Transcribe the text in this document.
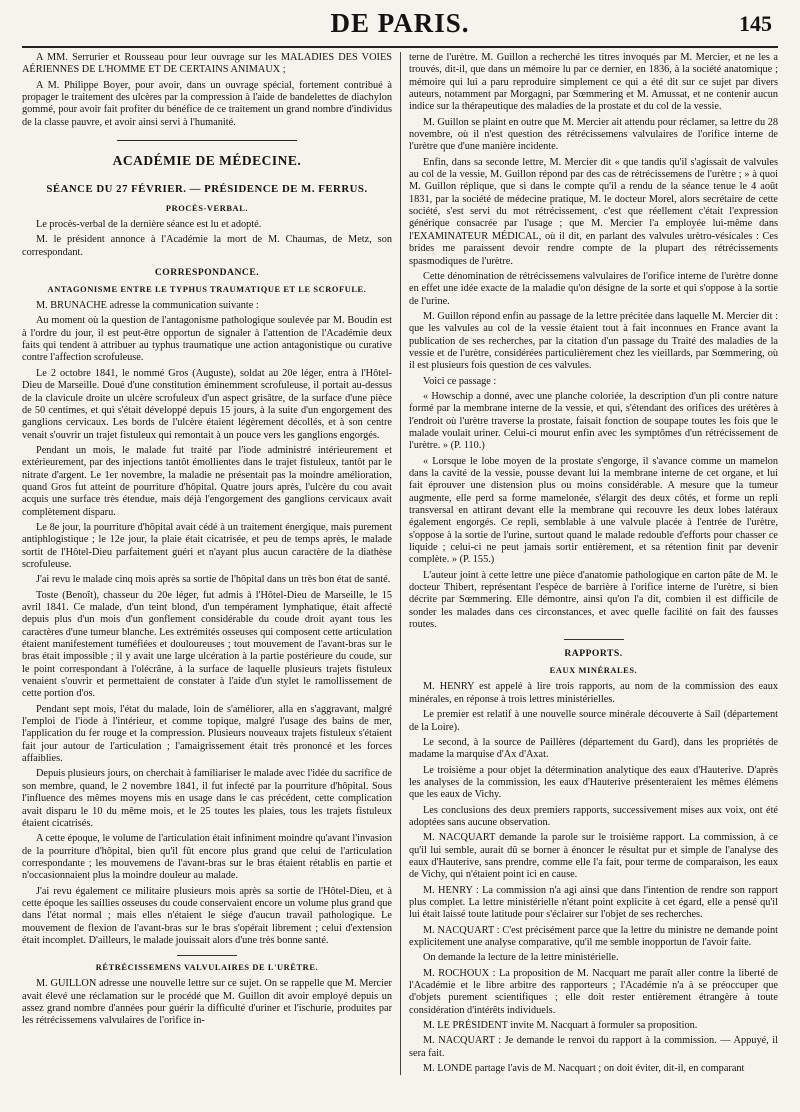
DE PARIS.	145

A MM. Serrurier et Rousseau pour leur ouvrage sur les MALADIES DES VOIES AÉRIENNES DE L'HOMME ET DE CERTAINS ANIMAUX ;

A M. Philippe Boyer, pour avoir, dans un ouvrage spécial, fortement contribué à propager le traitement des ulcères par la compression à l'aide de bandelettes de diachylon gommé, pour avoir fait profiter du bénéfice de ce traitement un grand nombre d'individus de la classe pauvre, et avoir ainsi servi à l'humanité.

ACADÉMIE DE MÉDECINE.
SÉANCE DU 27 FÉVRIER. — PRÉSIDENCE DE M. FERRUS.
PROCÈS-VERBAL.

Le procès-verbal de la dernière séance est lu et adopté.

M. le président annonce à l'Académie la mort de M. Chaumas, de Metz, son correspondant.

CORRESPONDANCE.
ANTAGONISME ENTRE LE TYPHUS TRAUMATIQUE ET LE SCROFULE.

M. BRUNACHE adresse la communication suivante :

Au moment où la question de l'antagonisme pathologique soulevée par M. Boudin est à l'ordre du jour, il est peut-être opportun de signaler à l'attention de l'Académie deux faits qui tendent à attribuer au typhus traumatique une action antagonistique ou curative contre l'affection scrofuleuse.

Le 2 octobre 1841, le nommé Gros (Auguste), soldat au 20e léger, entra à l'Hôtel-Dieu de Marseille. Doué d'une constitution éminemment scrofuleuse, il portait au-dessus de la clavicule droite un ulcère scrofuleux d'un aspect grisâtre, de la surface d'une pièce de 50 centimes, et qui s'était développé depuis 15 jours, à la suite d'un engorgement des ganglions cervicaux. Les bords de l'ulcère étaient légèrement décollés, et à son centre venait s'ouvrir un trajet fistuleux qui remontait à un pouce vers les ganglions engorgés.

Pendant un mois, le malade fut traité par l'iode administré intérieurement et extérieurement, par des injections tantôt émollientes dans le trajet fistuleux, tantôt par le nitrate d'argent. Le 1er novembre, la maladie ne présentait pas la moindre amélioration, quand Gros fut atteint de pourriture d'hôpital. Quatre jours après, l'ulcère du cou avait acquis une surface très étendue, mais déjà l'engorgement des ganglions cervicaux avait complètement disparu.

Le 8e jour, la pourriture d'hôpital avait cédé à un traitement énergique, mais purement antiphlogistique ; le 12e jour, la plaie était cicatrisée, et peu de temps après, le malade sortit de l'Hôtel-Dieu parfaitement guéri et n'ayant plus aucun caractère de la diathèse scrofuleuse.

J'ai revu le malade cinq mois après sa sortie de l'hôpital dans un très bon état de santé.

Toste (Benoît), chasseur du 20e léger, fut admis à l'Hôtel-Dieu de Marseille, le 15 avril 1841. Ce malade, d'un teint blond, d'un tempérament lymphatique, était affecté depuis plus d'un mois d'un gonflement considérable du coude droit ayant tous les caractères d'une tumeur blanche. Les extrémités osseuses qui composent cette articulation étaient manifestement tuméfiées et douloureuses ; tout mouvement de l'avant-bras sur le bras était impossible ; il y avait une large ulcération à la partie postérieure du coude, sur le point correspondant à l'olécrâne, à la surface de laquelle plusieurs trajets fistuleux venaient s'ouvrir et permettaient de constater à l'aide d'un stylet le ramollissement de cette portion d'os.

Pendant sept mois, l'état du malade, loin de s'améliorer, alla en s'aggravant, malgré l'emploi de l'iode à l'intérieur, et comme topique, malgré l'usage des bains de mer, l'application du fer rouge et la compression. Plusieurs nouveaux trajets fistuleux s'étaient fait jour autour de l'articulation ; l'amaigrissement était très prononcé et les forces affaiblies.

Depuis plusieurs jours, on cherchait à familiariser le malade avec l'idée du sacrifice de son membre, quand, le 2 novembre 1841, il fut infecté par la pourriture d'hôpital. Sous l'influence des mêmes moyens mis en usage dans le cas précédent, cette complication avait disparu le 10 du même mois, et le 25 toutes les plaies, tous les trajets fistuleux étaient cicatrisés.

A cette époque, le volume de l'articulation était infiniment moindre qu'avant l'invasion de la pourriture d'hôpital, bien qu'il fût encore plus grand que celui de l'articulation correspondante ; les mouvemens de l'avant-bras sur le bras étaient rétablis en partie et n'occasionnaient plus la moindre douleur au malade.

J'ai revu également ce militaire plusieurs mois après sa sortie de l'Hôtel-Dieu, et à cette époque les saillies osseuses du coude conservaient encore un volume plus grand que dans l'état normal ; mais elles n'étaient le siége d'aucun travail pathologique. Le mouvement de flexion de l'avant-bras sur le bras s'opérait librement ; celui d'extension était incomplet. D'ailleurs, le malade jouissait alors d'une très bonne santé.

RÉTRÉCISSEMENS VALVULAIRES DE L'URÈTRE.

M. GUILLON adresse une nouvelle lettre sur ce sujet. On se rappelle que M. Mercier avait élevé une réclamation sur le procédé que M. Guillon dit avoir employé depuis un assez grand nombre d'années pour guérir la difficulté d'uriner et l'ischurie, produites par les rétrécissemens valvulaires de l'orifice in-

terne de l'urètre. M. Guillon a recherché les titres invoqués par M. Mercier, et ne les a trouvés, dit-il, que dans un mémoire lu par ce dernier, en 1836, à la société anatomique ; mémoire qui lui a paru reproduire simplement ce qui a été dit sur ce sujet par divers auteurs, notamment par Morgagni, par Sœmmering et M. Amussat, et ne contenir aucun indice sur la thérapeutique des maladies de la prostate et du col de la vessie.

M. Guillon se plaint en outre que M. Mercier ait attendu pour réclamer, sa lettre du 28 novembre, où il n'est question des rétrécissemens valvulaires de l'orifice interne de l'urètre que d'une manière incidente.

Enfin, dans sa seconde lettre, M. Mercier dit « que tandis qu'il s'agissait de valvules au col de la vessie, M. Guillon répond par des cas de rétrécissemens de l'urètre ; » à quoi M. Guillon réplique, que si dans le compte qu'il a rendu de la séance tenue le 4 août 1831, par la société de médecine pratique, M. le docteur Morel, alors secrétaire de cette société, s'est servi du mot rétrécissement, c'est que réellement c'était l'expression générique consacrée par l'usage ; que M. Mercier l'a employée lui-même dans l'EXAMINATEUR MÉDICAL, où il dit, en parlant des valvules urètro-vésicales : Ces brides me paraissent devoir rendre compte de la plupart des rétrécissements spasmodiques de l'urètre.

Cette dénomination de rétrécissemens valvulaires de l'orifice interne de l'urètre donne en effet une idée exacte de la maladie qu'on désigne de la sorte et qui s'oppose à la sortie de l'urine.

M. Guillon répond enfin au passage de la lettre précitée dans laquelle M. Mercier dit : que les valvules au col de la vessie étaient tout à fait inconnues en France avant la publication de ses recherches, par la citation d'un passage du Traité des maladies de la vessie et de l'urètre, considérées particulièrement chez les vieillards, par Sœmmering, où il est plusieurs fois question de ces valvules.

Voici ce passage :

« Howschip a donné, avec une planche coloriée, la description d'un pli contre nature formé par la membrane interne de la vessie, et qui, s'étendant des orifices des urétères à l'endroit où l'urètre traverse la prostate, faisait fonction de soupape toutes les fois que le malade voulait uriner. Celui-ci mourut enfin avec les symptômes d'un rétrécissement de l'urètre. » (P. 110.)

« Lorsque le lobe moyen de la prostate s'engorge, il s'avance comme un mamelon dans la cavité de la vessie, pousse devant lui la membrane interne de cet organe, et lui fait éprouver une distension plus ou moins considérable. A mesure que la tumeur augmente, elle perd sa forme mamelonée, s'élargit des deux côtés, et forme un repli transversal en attirant devant elle la membrane qui recouvre les deux lobes latéraux également engorgés. Ce repli, semblable à une valvule placée à l'entrée de l'urètre, s'oppose à la sortie de l'urine, surtout quand le malade redouble d'efforts pour chasser ce liquide ; celui-ci ne peut jamais sortir entièrement, et sa rétention finit par devenir complète. » (P. 155.)

L'auteur joint à cette lettre une pièce d'anatomie pathologique en carton pâte de M. le docteur Thibert, représentant l'espèce de barrière à l'orifice interne de l'urètre, si bien décrite par Sœmmering. Elle démontre, ainsi qu'on l'a dit, combien il est difficile de sonder les malades dans ces circonstances, et avec quelle facilité on fait des fausses routes.

RAPPORTS.
EAUX MINÉRALES.

M. HENRY est appelé à lire trois rapports, au nom de la commission des eaux minérales, en réponse à trois lettres ministérielles.

Le premier est relatif à une nouvelle source minérale découverte à Sail (département de la Loire).

Le second, à la source de Paillères (département du Gard), dans les propriétés de madame la marquise d'Ax d'Axat.

Le troisième a pour objet la détermination analytique des eaux d'Hauterive. D'après les analyses de la commission, les eaux d'Hauterive présenteraient les mêmes élémens que les eaux de Vichy.

Les conclusions des deux premiers rapports, successivement mises aux voix, ont été adoptées sans aucune observation.

M. NACQUART demande la parole sur le troisième rapport. La commission, à ce qu'il lui semble, aurait dû se borner à énoncer le résultat pur et simple de l'analyse des eaux d'Hauterive, sans prendre, comme elle l'a fait, pour terme de comparaison, les eaux de Vichy, qui n'étaient point ici en cause.

M. HENRY : La commission n'a agi ainsi que dans l'intention de rendre son rapport plus complet. La lettre ministérielle n'étant point explicite à cet égard, elle a pensé qu'il lui était laissé toute latitude pour s'éclairer sur l'objet de ses recherches.

M. NACQUART : C'est précisément parce que la lettre du ministre ne demande point explicitement une analyse comparative, qu'il me semble inopportun de l'avoir faite.

On demande la lecture de la lettre ministérielle.

M. ROCHOUX : La proposition de M. Nacquart me paraît aller contre la liberté de l'Académie et le libre arbitre des rapporteurs ; l'Académie n'a à se préoccuper que d'objets purement scientifiques ; elle doit rester entièrement étrangère à toute considération d'intérêts individuels.

M. LE PRÉSIDENT invite M. Nacquart à formuler sa proposition.

M. NACQUART : Je demande le renvoi du rapport à la commission. — Appuyé, il sera fait.

M. LONDE partage l'avis de M. Nacquart ; on doit éviter, dit-il, en comparant
